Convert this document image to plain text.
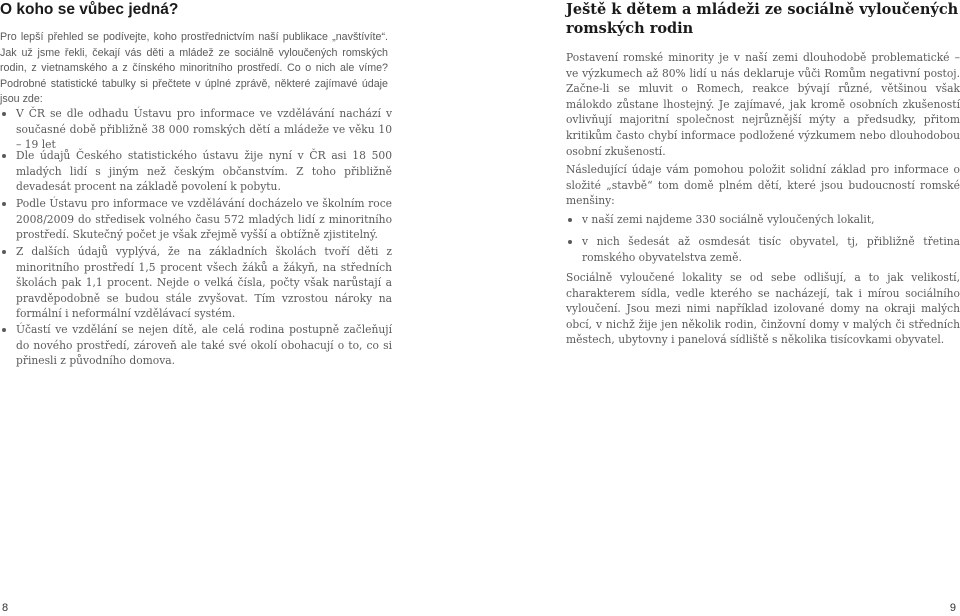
O koho se vůbec jedná?

Pro lepší přehled se podívejte, koho prostřednictvím naší publikace „navštívíte“. Jak už jsme řekli, čekají vás děti a mládež ze sociálně vyloučených romských rodin, z vietnamského a z čínského minoritního prostředí. Co o nich ale víme? Podrobné statistické tabulky si přečtete v úplné zprávě, některé zajímavé údaje jsou zde:

V ČR se dle odhadu Ústavu pro informace ve vzdělávání nachází v současné době přibližně 38 000 romských dětí a mládeže ve věku 10 – 19 let

Dle údajů Českého statistického ústavu žije nyní v ČR asi 18 500 mladých lidí s jiným než českým občanstvím. Z toho přibližně devadesát procent na základě povolení k pobytu.

Podle Ústavu pro informace ve vzdělávání docházelo ve školním roce 2008/2009 do středisek volného času 572 mladých lidí z minoritního prostředí. Skutečný počet je však zřejmě vyšší a obtížně zjistitelný.

Z dalších údajů vyplývá, že na základních školách tvoří děti z minoritního prostředí 1,5 procent všech žáků a žákyň, na středních školách pak 1,1 procent. Nejde o velká čísla, počty však narůstají a pravděpodobně se budou stále zvyšovat. Tím vzrostou nároky na formální i neformální vzdělávací systém.

Účastí ve vzdělání se nejen dítě, ale celá rodina postupně začleňují do nového prostředí, zároveň ale také své okolí obohacují o to, co si přinesli z původního domova.

8
Ještě k dětem a mládeži ze sociálně vyloučených romských rodin

Postavení romské minority je v naší zemi dlouhodobě problematické – ve výzkumech až 80% lidí u nás deklaruje vůči Romům negativní postoj. Začne-li se mluvit o Romech, reakce bývají různé, většinou však málokdo zůstane lhostejný. Je zajímavé, jak kromě osobních zkušeností ovlivňují majoritní společnost nejrůznější mýty a předsudky, přitom kritikům často chybí informace podložené výzkumem nebo dlouhodobou osobní zkušeností.

Následující údaje vám pomohou položit solidní základ pro informace o složité „stavbě“ tom domě plném dětí, které jsou budoucností romské menšiny:

v naší zemi najdeme 330 sociálně vyloučených lokalit,

v nich šedesát až osmdesát tisíc obyvatel, tj, přibližně třetina romského obyvatelstva země.

Sociálně vyloučené lokality se od sebe odlišují, a to jak velikostí, charakterem sídla, vedle kterého se nacházejí, tak i mírou sociálního vyloučení. Jsou mezi nimi například izolované domy na okraji malých obcí, v nichž žije jen několik rodin, činžovní domy v malých či středních městech, ubytovny i panelová sídliště s několika tisícovkami obyvatel.

9
